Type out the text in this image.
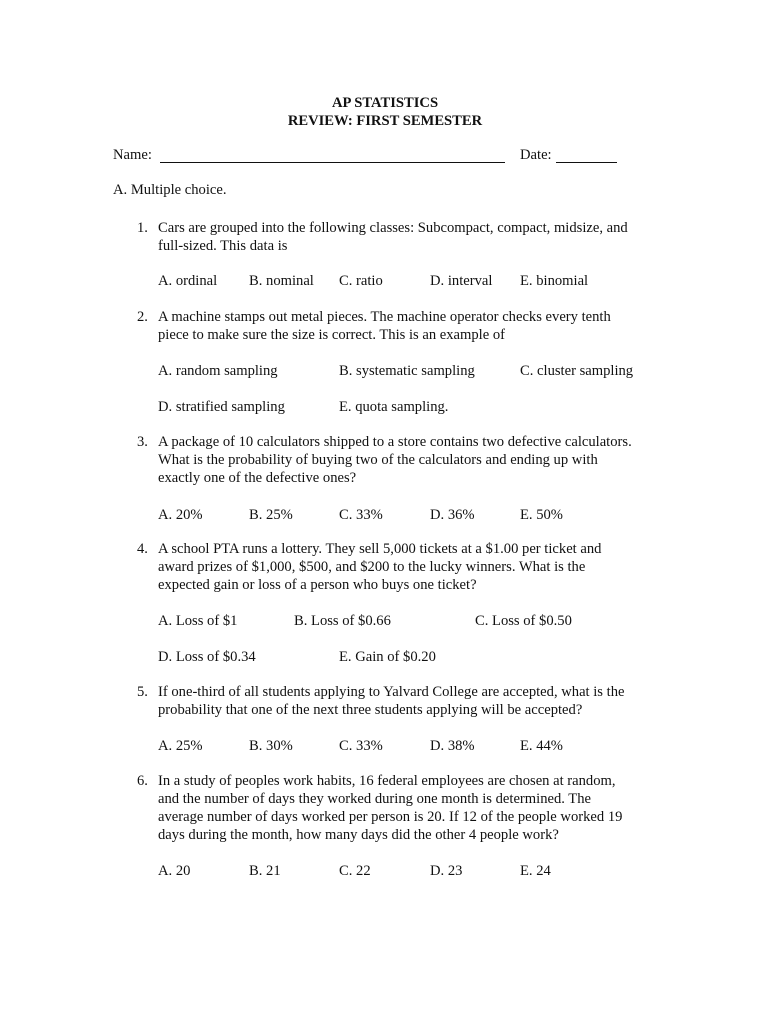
AP STATISTICS
REVIEW: FIRST SEMESTER
Name:	Date:
A. Multiple choice.
1. Cars are grouped into the following classes: Subcompact, compact, midsize, and
full-sized. This data is
A. ordinal B. nominal C. ratio	D. interval E. binomial
2. A machine stamps out metal pieces. The machine operator checks every tenth
piece to make sure the size is correct. This is an example of
A. random sampling	B. systematic sampling	C. cluster sampling
D. stratified sampling	E. quota sampling.
3. A package of 10 calculators shipped to a store contains two defective calculators.
What is the probability of buying two of the calculators and ending up with
exactly one of the defective ones?
A. 20%	B. 25%	C. 33%	D. 36%	E. 50%
4. A school PTA runs a lottery. They sell 5,000 tickets at a $1.00 per ticket and
award prizes of $1,000, $500, and $200 to the lucky winners. What is the
expected gain or loss of a person who buys one ticket?
A. Loss of $1	B. Loss of $0.66	C. Loss of $0.50
D. Loss of $0.34	E. Gain of $0.20
5. If one-third of all students applying to Yalvard College are accepted, what is the
probability that one of the next three students applying will be accepted?
A. 25%	B. 30%	C. 33%	D. 38%	E. 44%
6. In a study of peoples work habits, 16 federal employees are chosen at random,
and the number of days they worked during one month is determined. The
average number of days worked per person is 20. If 12 of the people worked 19
days during the month, how many days did the other 4 people work?
A. 20	B. 21	C. 22	D. 23	E. 24
